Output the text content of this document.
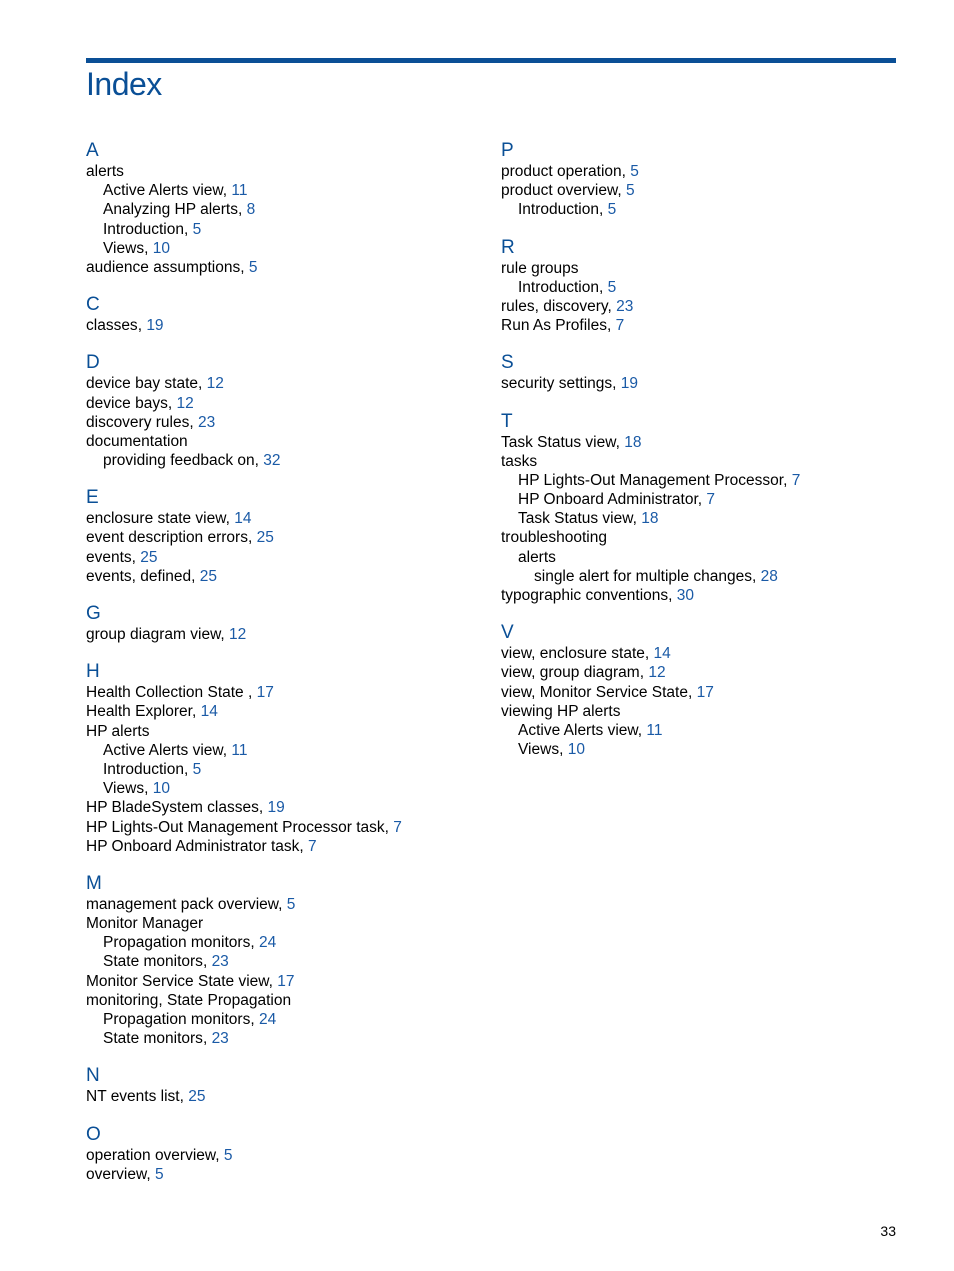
Index
A
alerts
Active Alerts view, 11
Analyzing HP alerts, 8
Introduction, 5
Views, 10
audience assumptions, 5
C
classes, 19
D
device bay state, 12
device bays, 12
discovery rules, 23
documentation
providing feedback on, 32
E
enclosure state view, 14
event description errors, 25
events, 25
events, defined, 25
G
group diagram view, 12
H
Health Collection State , 17
Health Explorer, 14
HP alerts
Active Alerts view, 11
Introduction, 5
Views, 10
HP BladeSystem classes, 19
HP Lights-Out Management Processor task, 7
HP Onboard Administrator task, 7
M
management pack overview, 5
Monitor Manager
Propagation monitors, 24
State monitors, 23
Monitor Service State view, 17
monitoring, State Propagation
Propagation monitors, 24
State monitors, 23
N
NT events list, 25
O
operation overview, 5
overview, 5
P
product operation, 5
product overview, 5
Introduction, 5
R
rule groups
Introduction, 5
rules, discovery, 23
Run As Profiles, 7
S
security settings, 19
T
Task Status view, 18
tasks
HP Lights-Out Management Processor, 7
HP Onboard Administrator, 7
Task Status view, 18
troubleshooting
alerts
single alert for multiple changes, 28
typographic conventions, 30
V
view, enclosure state, 14
view, group diagram, 12
view, Monitor Service State, 17
viewing HP alerts
Active Alerts view, 11
Views, 10
33
